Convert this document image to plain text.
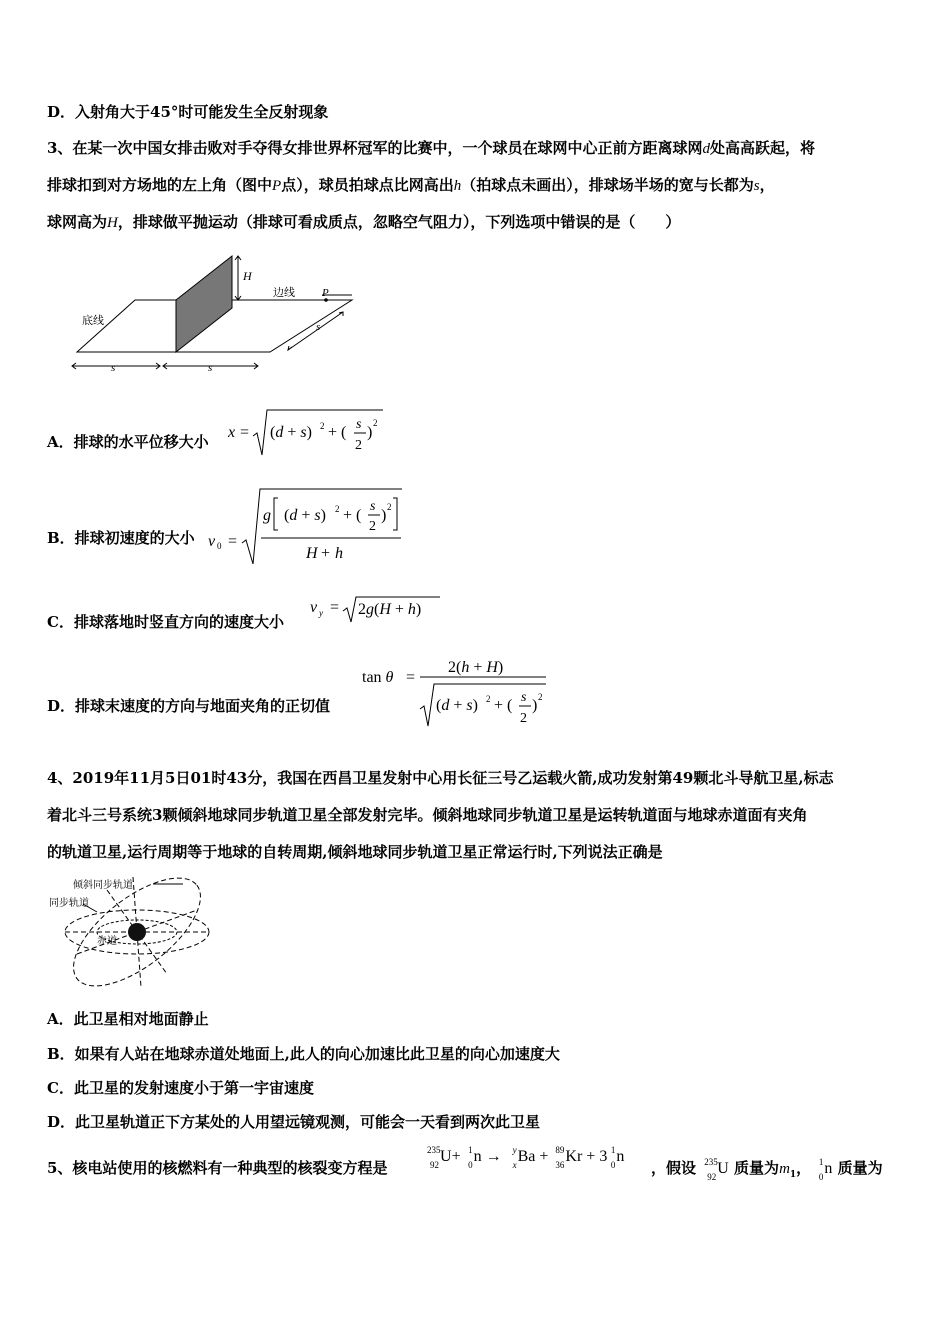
D．入射角大于45°时可能发生全反射现象
3、在某一次中国女排击败对手夺得女排世界杯冠军的比赛中，一个球员在球网中心正前方距离球网d处高高跃起，将
排球扣到对方场地的左上角（图中P点），球员拍球点比网高出h（拍球点未画出），排球场半场的宽与长都为s，
球网高为H，排球做平抛运动（排球可看成质点，忽略空气阻力），下列选项中错误的是（　　）
H
边线 P
底线	s
s	s
A．排球的水平位移大小
x = (d + s) 2 + ( s
2
)
2
B．排球初速度的大小 v 0 =
g (d + s) 2 + (
s
2
) 2
H + h
C．排球落地时竖直方向的速度大小
v y = 2g(H + h)
D．排球末速度的方向与地面夹角的正切值
tan θ =
2(h + H)
(d + s) 2 + ( s
2
) 2
4、2019年11月5日01时43分，我国在西昌卫星发射中心用长征三号乙运载火箭,成功发射第49颗北斗导航卫星,标志
着北斗三号系统3颗倾斜地球同步轨道卫星全部发射完毕。倾斜地球同步轨道卫星是运转轨道面与地球赤道面有夹角
的轨道卫星,运行周期等于地球的自转周期,倾斜地球同步轨道卫星正常运行时,下列说法正确是
倾斜同步轨道
同步轨道
赤道
A．此卫星相对地面静止
B．如果有人站在地球赤道处地面上,此人的向心加速比此卫星的向心加速度大
C．此卫星的发射速度小于第一宇宙速度
D．此卫星轨道正下方某处的人用望远镜观测，可能会一天看到两次此卫星
5、核电站使用的核燃料有一种典型的核裂变方程是
235
92 U+ 1
0 n → y
x Ba + 89
36 Kr + 3 1
0 n
，假设 235
92 U 质量为$m_1$， 1
0 n 质量为
